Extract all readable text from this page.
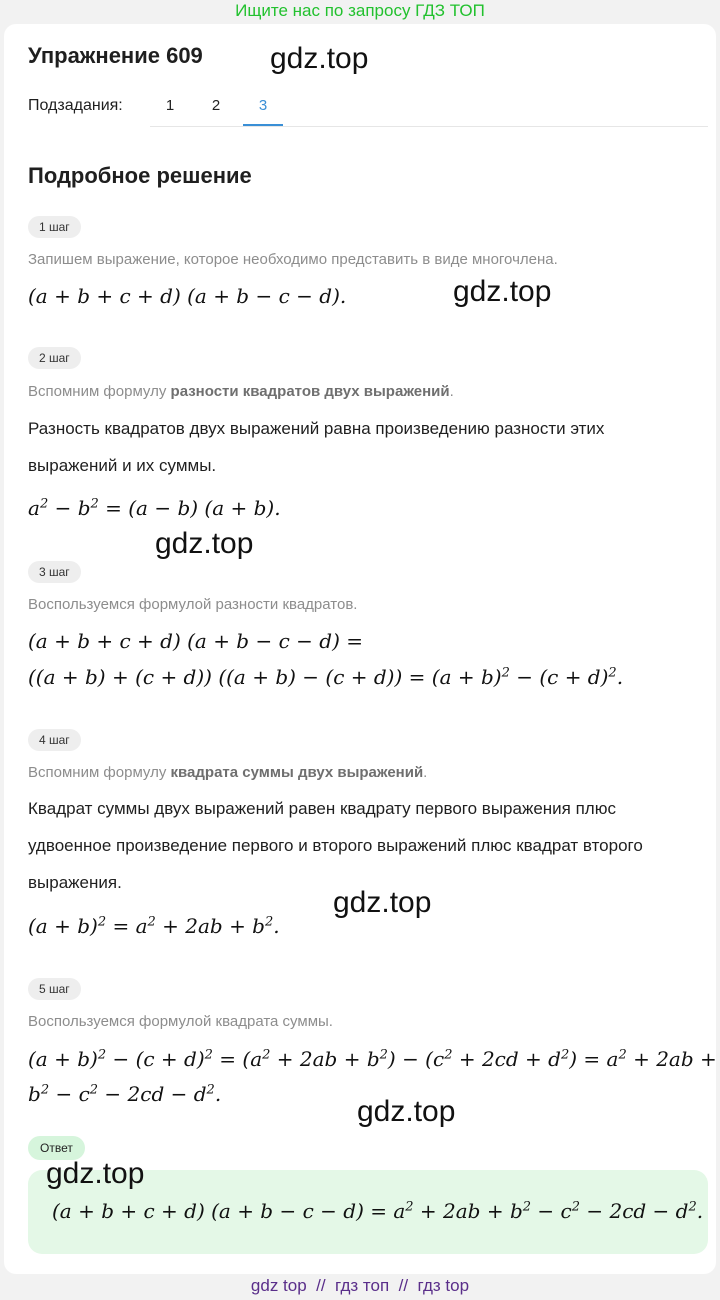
Ищите нас по запросу ГДЗ ТОП
Упражнение 609 gdz.top
Подзадания:	1	2	3
Подробное решение
1 шаг
Запишем выражение, которое необходимо представить в виде многочлена.
(a + b + c + d) (a + b − c − d).	gdz.top
2 шаг
Вспомним формулу разности квадратов двух выражений.
Разность квадратов двух выражений равна произведению разности этих выражений и их суммы.
$a^2 - b^2 = (a - b) (a + b)$.
gdz.top
3 шаг
Воспользуемся формулой разности квадратов.
(a + b + c + d) (a + b − c − d) =
((a + b) + (c + d)) $((a + b) - (c + d)) = (a + b)^2 - (c + d)^2$.
4 шаг
Вспомним формулу квадрата суммы двух выражений.
Квадрат суммы двух выражений равен квадрату первого выражения плюс удвоенное произведение первого и второго выражений плюс квадрат второго выражения.
$(a + b)^2 = a^2 + 2ab + b^2$.
gdz.top
5 шаг
Воспользуемся формулой квадрата суммы.
$(a + b)^2 - (c + d)^2 = (a^2 + 2ab + b^2) - (c^2 + 2cd + d^2) = a^2 + 2ab$ +
$b^2 - c^2 - 2cd - d^2$.
gdz.top
Ответ
(a + b + c + d) $(a + b - c - d) = a^2 + 2ab + b^2 - c^2 - 2cd - d^2$.
gdz.top
gdz top // гдз топ // гдз top
